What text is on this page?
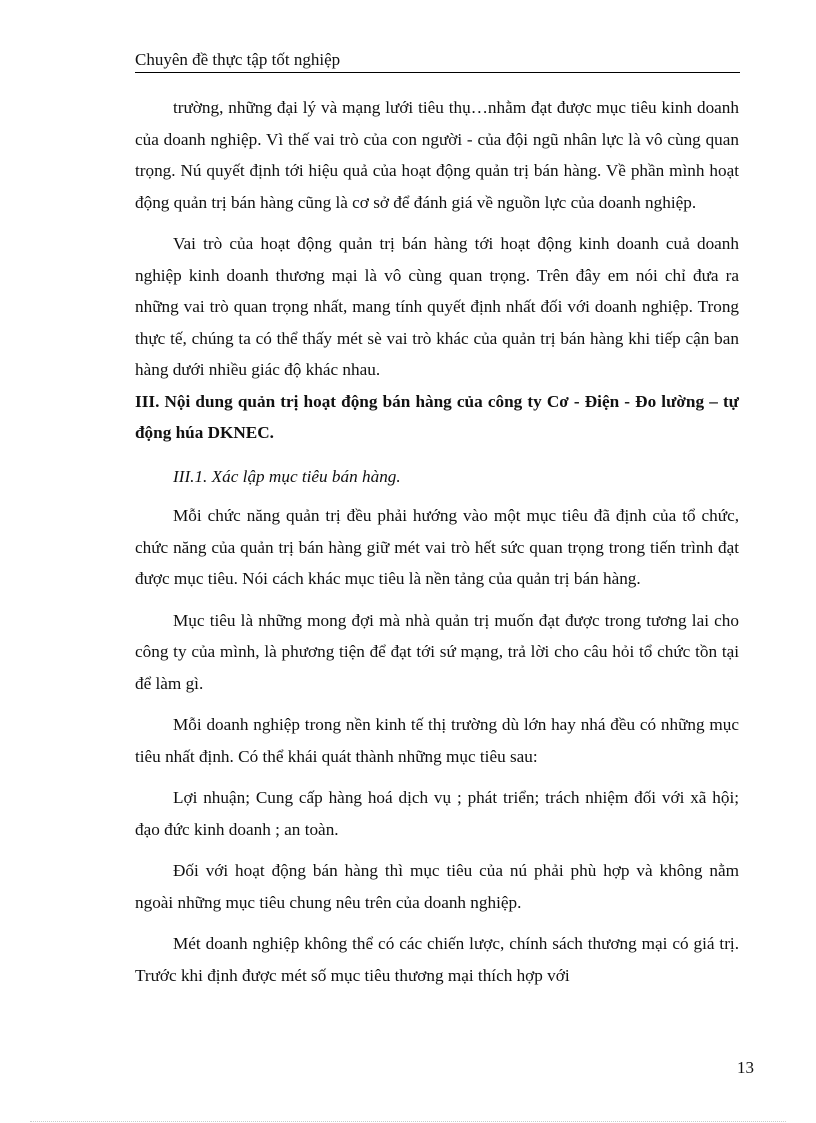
Chuyên đề thực tập tốt nghiệp

trường, những đại lý và mạng lưới tiêu thụ…nhằm đạt được mục tiêu kinh doanh của doanh nghiệp. Vì thế vai trò của con người - của đội ngũ nhân lực là vô cùng quan trọng. Nú quyết định tới hiệu quả của hoạt động quản trị bán hàng. Về phần mình hoạt động quản trị bán hàng cũng là cơ sở để đánh giá về nguồn lực của doanh nghiệp.

Vai trò của hoạt động quản trị bán hàng tới hoạt động kinh doanh cuả doanh nghiệp kinh doanh thương mại là vô cùng quan trọng. Trên đây em nói chỉ đưa ra những vai trò quan trọng nhất, mang tính quyết định nhất đối với doanh nghiệp. Trong thực tế, chúng ta có thể thấy mét sè vai trò khác của quản trị bán hàng khi tiếp cận ban hàng dưới nhiều giác độ khác nhau.

III. Nội dung quản trị hoạt động bán hàng của công ty Cơ - Điện - Đo lường – tự động húa DKNEC.

III.1. Xác lập mục tiêu bán hàng.

Mỗi chức năng quản trị đều phải hướng vào một mục tiêu đã định của tổ chức, chức năng của quản trị bán hàng giữ mét vai trò hết sức quan trọng trong tiến trình đạt được mục tiêu. Nói cách khác mục tiêu là nền tảng của quản trị bán hàng.

Mục tiêu là những mong đợi mà nhà quản trị muốn đạt được trong tương lai cho công ty của mình, là phương tiện để đạt tới sứ mạng, trả lời cho câu hỏi tổ chức tồn tại để làm gì.

Mỗi doanh nghiệp trong nền kinh tế thị trường dù lớn hay nhá đều có những mục tiêu nhất định. Có thể khái quát thành những mục tiêu sau:

Lợi nhuận; Cung cấp hàng hoá dịch vụ ; phát triển; trách nhiệm đối với xã hội; đạo đức kinh doanh ; an toàn.

Đối với hoạt động bán hàng thì mục tiêu của nú phải phù hợp và không nằm ngoài những mục tiêu chung nêu trên của doanh nghiệp.

Mét doanh nghiệp không thể có các chiến lược, chính sách thương mại có giá trị. Trước khi định được mét số mục tiêu thương mại thích hợp với

13
